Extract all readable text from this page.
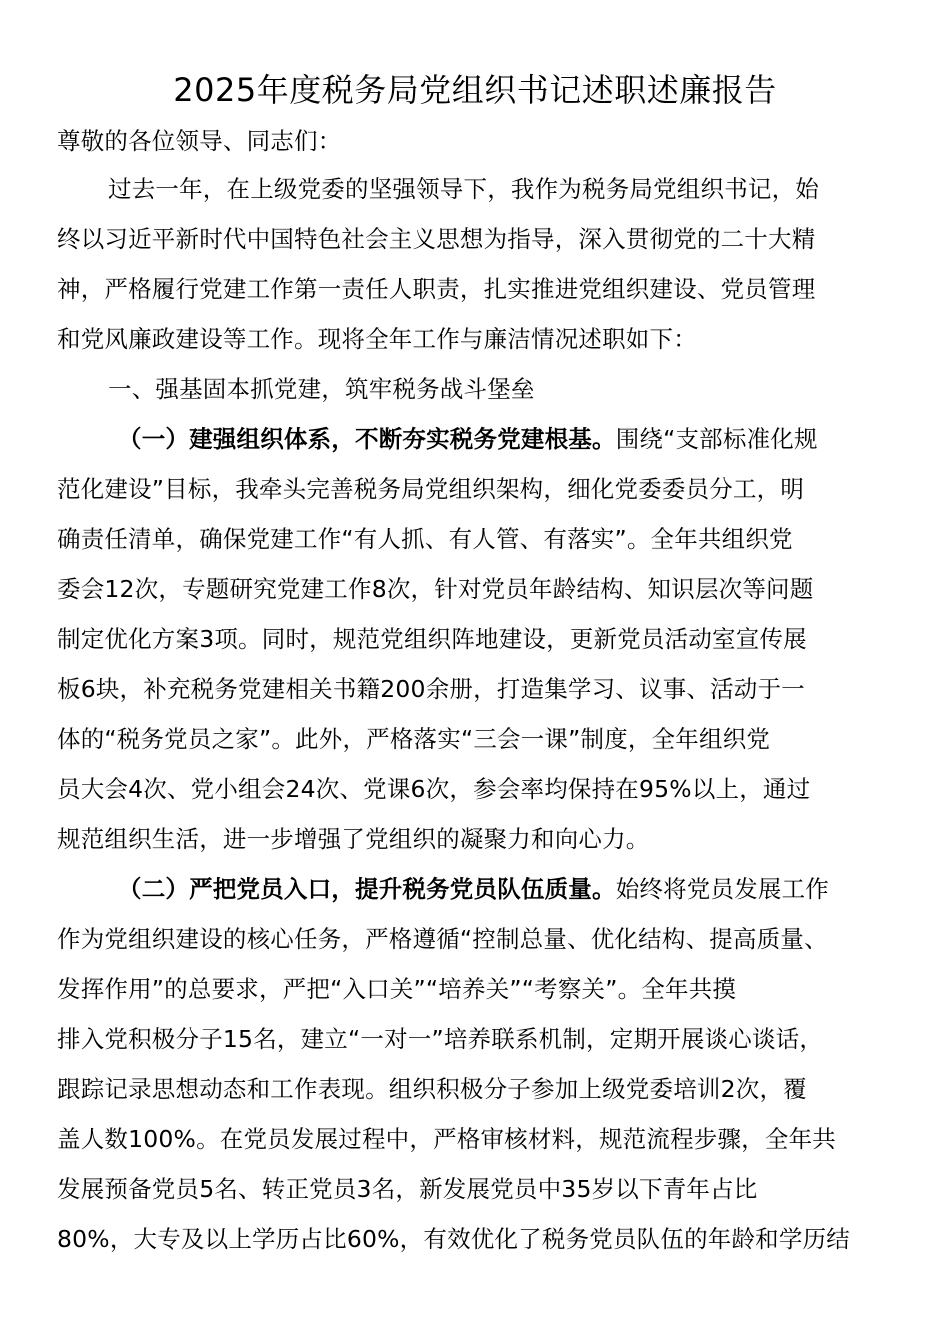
2025年度税务局党组织书记述职述廉报告
尊敬的各位领导、同志们：
过去一年，在上级党委的坚强领导下，我作为税务局党组织书记，始
终以习近平新时代中国特色社会主义思想为指导，深入贯彻党的二十大精
神，严格履行党建工作第一责任人职责，扎实推进党组织建设、党员管理
和党风廉政建设等工作。现将全年工作与廉洁情况述职如下：
一、强基固本抓党建，筑牢税务战斗堡垒
（一）建强组织体系，不断夯实税务党建根基。围绕“支部标准化规
范化建设”目标，我牵头完善税务局党组织架构，细化党委委员分工，明
确责任清单，确保党建工作“有人抓、有人管、有落实”。全年共组织党
委会12次，专题研究党建工作8次，针对党员年龄结构、知识层次等问题
制定优化方案3项。同时，规范党组织阵地建设，更新党员活动室宣传展
板6块，补充税务党建相关书籍200余册，打造集学习、议事、活动于一
体的“税务党员之家”。此外，严格落实“三会一课”制度，全年组织党
员大会4次、党小组会24次、党课6次，参会率均保持在95%以上，通过
规范组织生活，进一步增强了党组织的凝聚力和向心力。
（二）严把党员入口，提升税务党员队伍质量。始终将党员发展工作
作为党组织建设的核心任务，严格遵循“控制总量、优化结构、提高质量、
发挥作用”的总要求，严把“入口关”“培养关”“考察关”。全年共摸
排入党积极分子15名，建立“一对一”培养联系机制，定期开展谈心谈话，
跟踪记录思想动态和工作表现。组织积极分子参加上级党委培训2次，覆
盖人数100%。在党员发展过程中，严格审核材料，规范流程步骤，全年共
发展预备党员5名、转正党员3名，新发展党员中35岁以下青年占比
80%，大专及以上学历占比60%，有效优化了税务党员队伍的年龄和学历结
